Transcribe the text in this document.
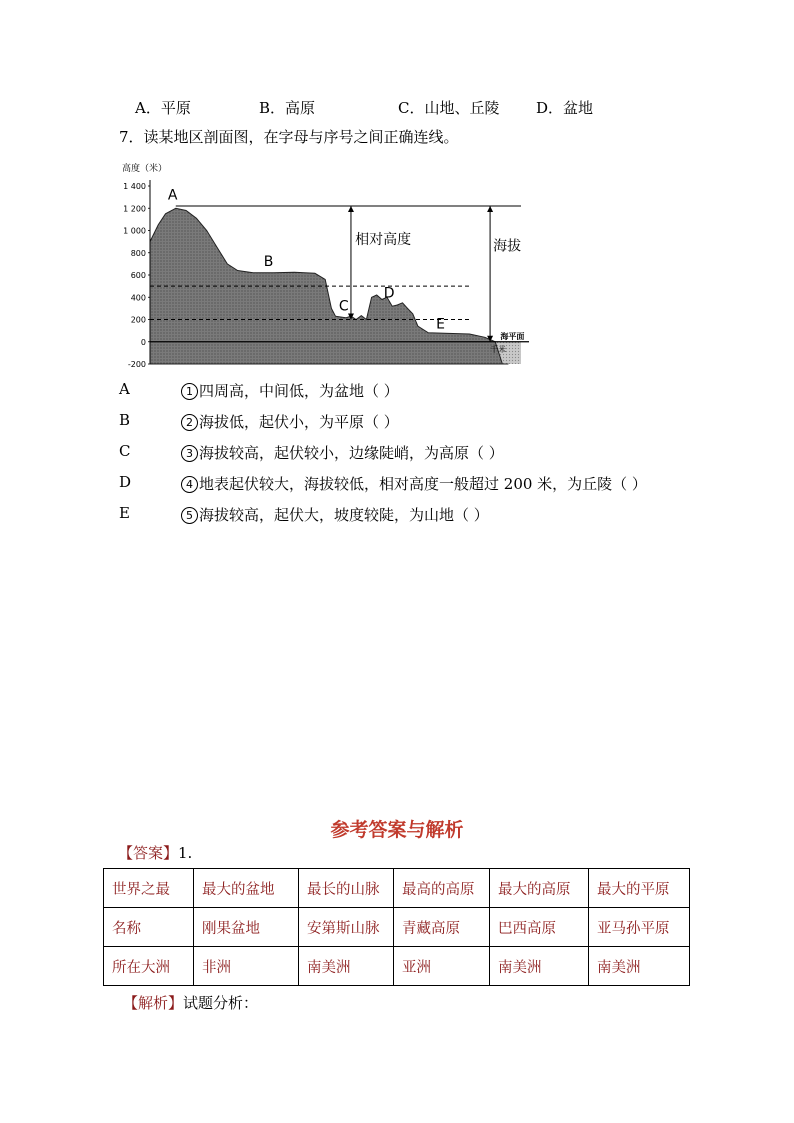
A．平原	B．高原	C．山地、丘陵 D．盆地
7．读某地区剖面图，在字母与序号之间正确连线。
高度（米）
1 400
1 200
1 000
800
600
400
200
0
-200
A
B
C
D
E
相对高度	海拔
海平面
千米
A	1 四周高，中间低，为盆地（ ）
B	2 海拔低，起伏小，为平原（ ）
C	3 海拔较高，起伏较小，边缘陡峭，为高原（ ）
D	4 地表起伏较大，海拔较低，相对高度一般超过 200 米，为丘陵（ ）
E	5 海拔较高，起伏大，坡度较陡，为山地（ ）
参考答案与解析
【答案】1.
世界之最	最大的盆地	最长的山脉	最高的高原	最大的高原	最大的平原
名称	刚果盆地	安第斯山脉	青藏高原	巴西高原	亚马孙平原
所在大洲	非洲	南美洲	亚洲	南美洲	南美洲
【解析】试题分析：
